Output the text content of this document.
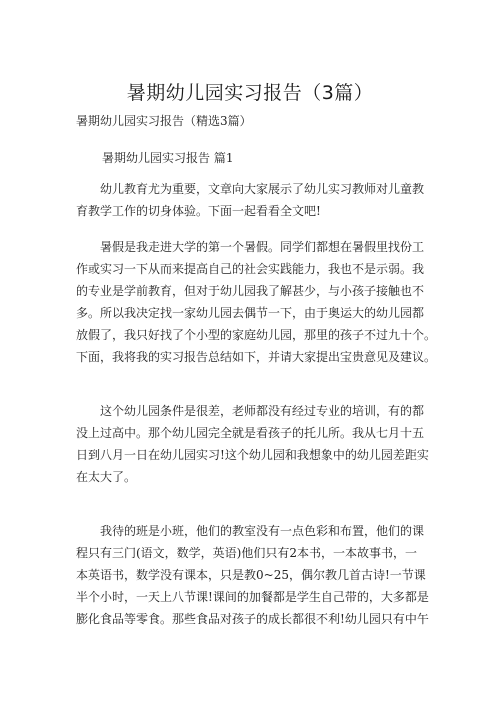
暑期幼儿园实习报告（3篇）
暑期幼儿园实习报告（精选3篇）
暑期幼儿园实习报告 篇1
幼儿教育尤为重要，文章向大家展示了幼儿实习教师对儿童教
育教学工作的切身体验。下面一起看看全文吧!
暑假是我走进大学的第一个暑假。同学们都想在暑假里找份工
作或实习一下从而来提高自己的社会实践能力，我也不是示弱。我
的专业是学前教育，但对于幼儿园我了解甚少，与小孩子接触也不
多。所以我决定找一家幼儿园去偶节一下，由于奥运大的幼儿园都
放假了，我只好找了个小型的家庭幼儿园，那里的孩子不过九十个。
下面，我将我的实习报告总结如下，并请大家提出宝贵意见及建议。
这个幼儿园条件是很差，老师都没有经过专业的培训，有的都
没上过高中。那个幼儿园完全就是看孩子的托儿所。我从七月十五
日到八月一日在幼儿园实习!这个幼儿园和我想象中的幼儿园差距实
在太大了。
我待的班是小班，他们的教室没有一点色彩和布置，他们的课
程只有三门(语文，数学，英语)他们只有2本书，一本故事书，一
本英语书，数学没有课本，只是教0~25，偶尔教几首古诗!一节课
半个小时，一天上八节课!课间的加餐都是学生自己带的，大多都是
膨化食品等零食。那些食品对孩子的成长都很不利!幼儿园只有中午
